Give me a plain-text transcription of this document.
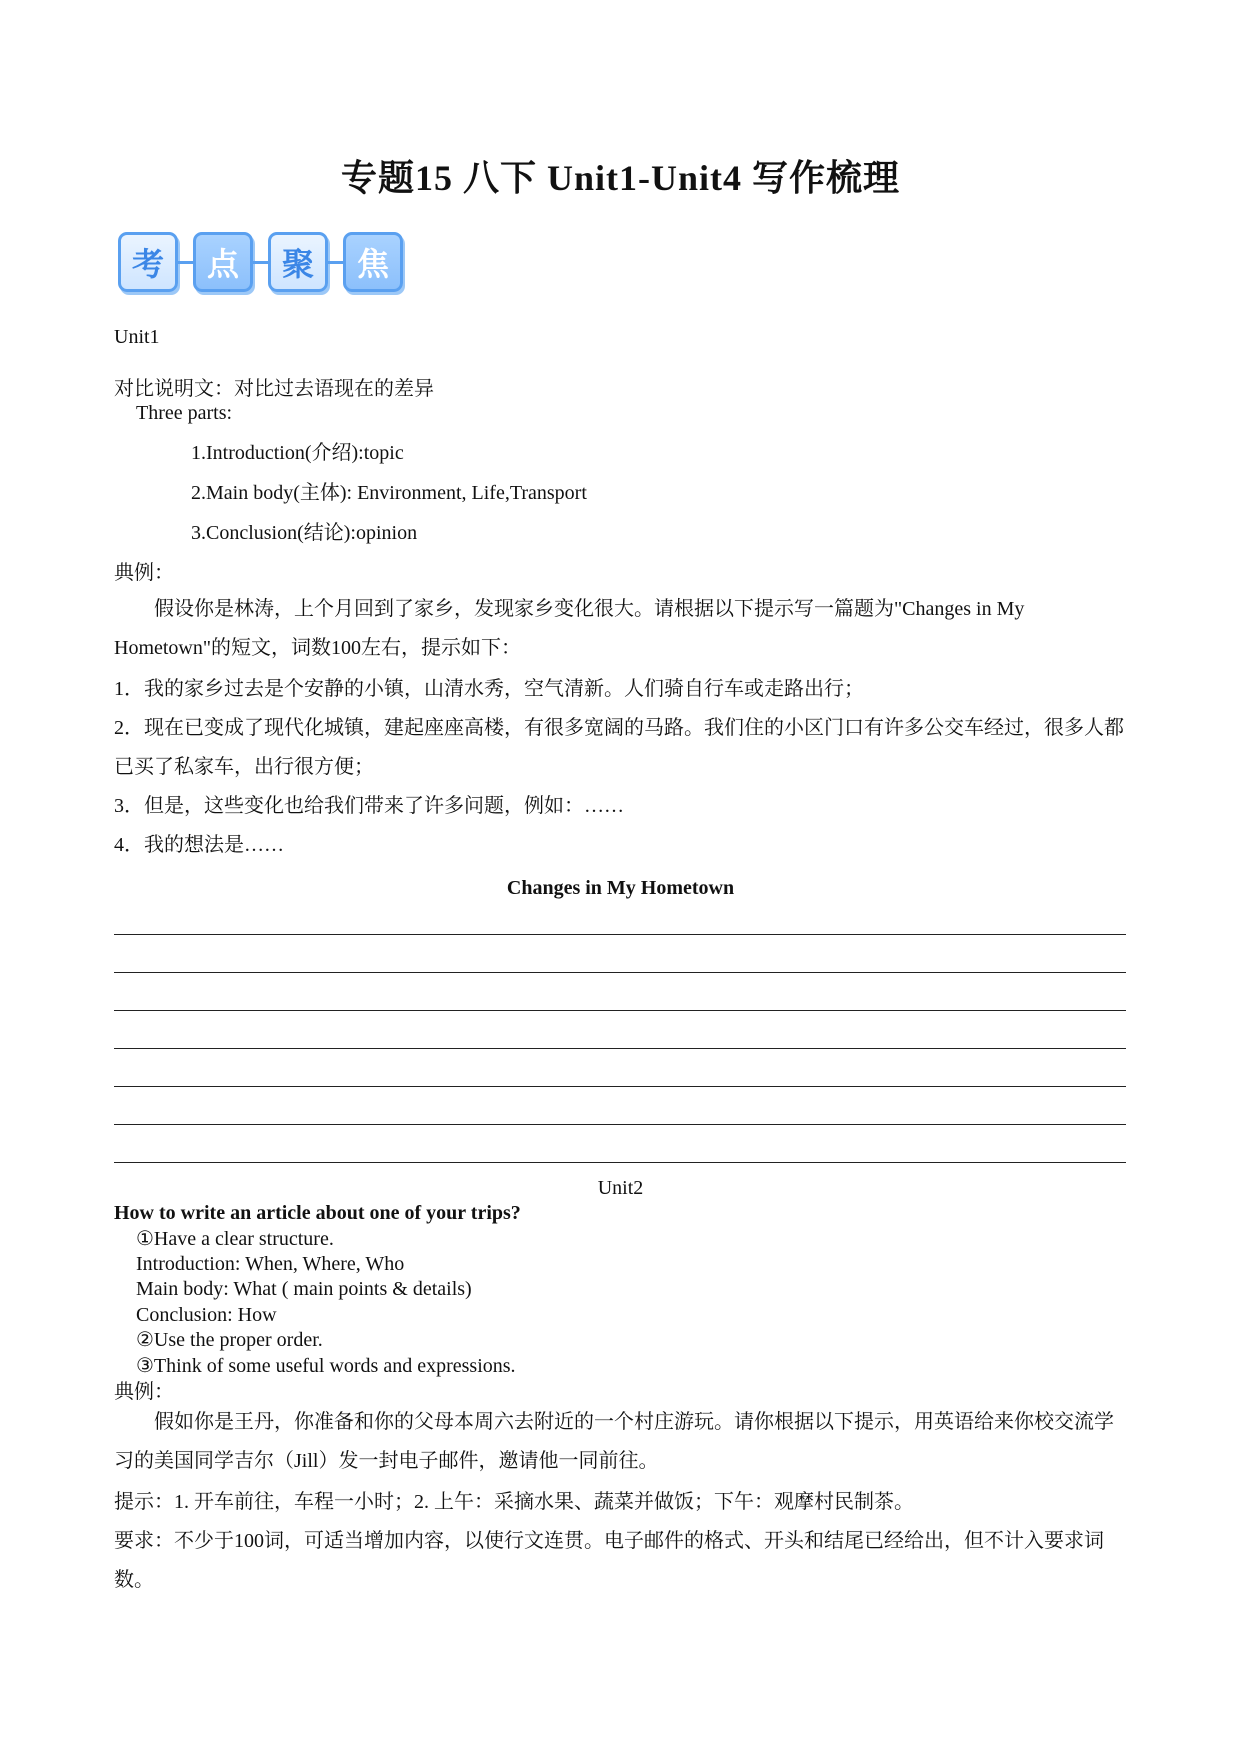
专题15 八下 Unit1-Unit4 写作梳理
考	点	聚	焦
Unit1
对比说明文：对比过去语现在的差异
Three parts:
1.Introduction(介绍):topic
2.Main body(主体): Environment, Life,Transport
3.Conclusion(结论):opinion
典例：
假设你是林涛，上个月回到了家乡，发现家乡变化很大。请根据以下提示写一篇题为"Changes in My Hometown"的短文，词数100左右，提示如下：
1．我的家乡过去是个安静的小镇，山清水秀，空气清新。人们骑自行车或走路出行；
2．现在已变成了现代化城镇，建起座座高楼，有很多宽阔的马路。我们住的小区门口有许多公交车经过，很多人都已买了私家车，出行很方便；
3．但是，这些变化也给我们带来了许多问题，例如：……
4．我的想法是……
Changes in My Hometown
Unit2
How to write an article about one of your trips?
①Have a clear structure.
Introduction: When, Where, Who
Main body: What ( main points & details)
Conclusion: How
②Use the proper order.
③Think of some useful words and expressions.
典例：
假如你是王丹，你准备和你的父母本周六去附近的一个村庄游玩。请你根据以下提示，用英语给来你校交流学习的美国同学吉尔（Jill）发一封电子邮件，邀请他一同前往。
提示：1. 开车前往，车程一小时；2. 上午：采摘水果、蔬菜并做饭；下午：观摩村民制茶。
要求：不少于100词，可适当增加内容，以使行文连贯。电子邮件的格式、开头和结尾已经给出，但不计入要求词数。
